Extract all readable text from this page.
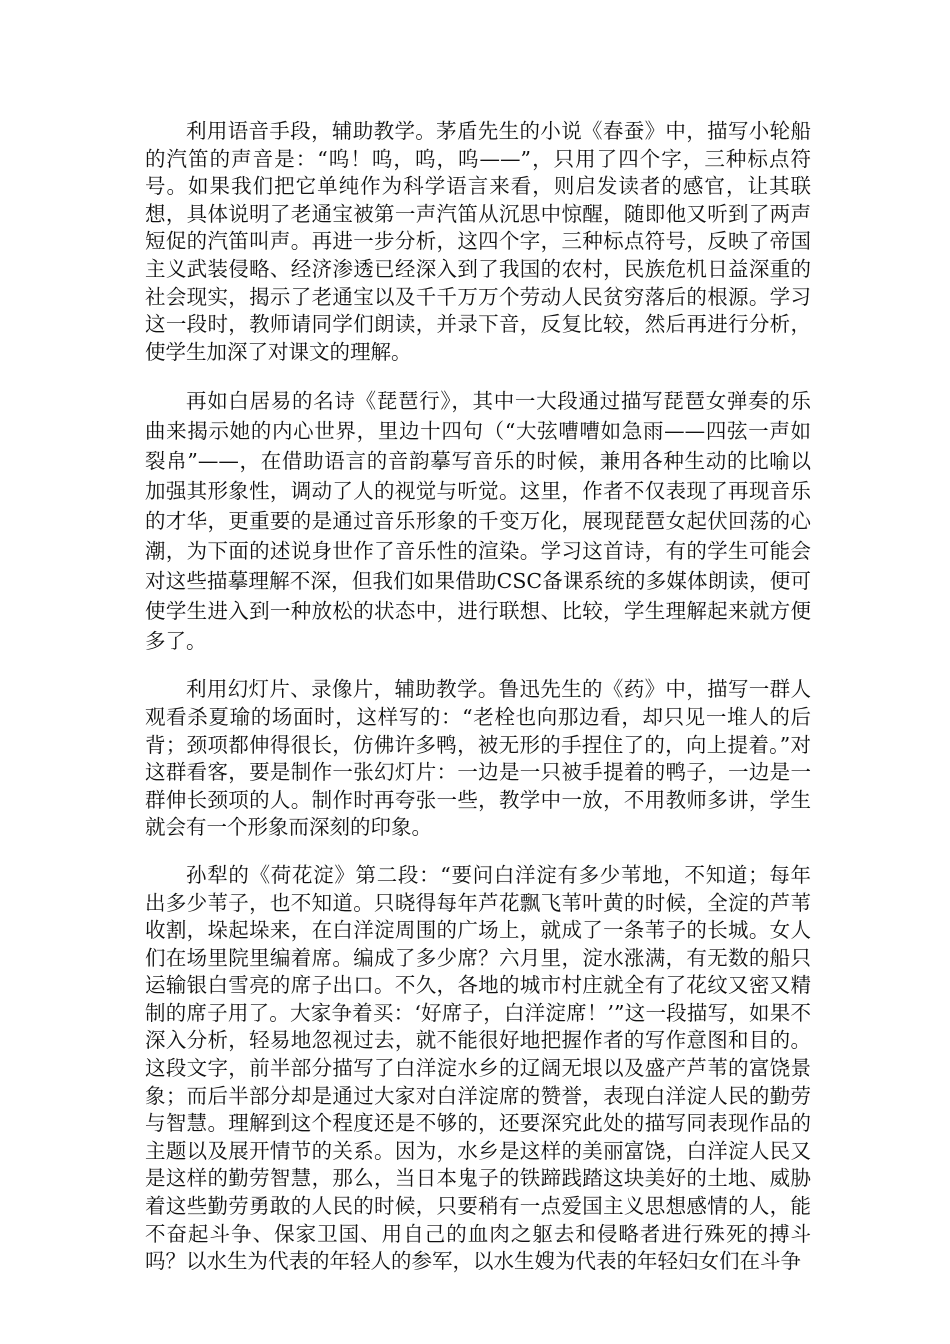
利用语音手段，辅助教学。茅盾先生的小说《春蚕》中，描写小轮船的汽笛的声音是：“呜！呜，呜，呜——”，只用了四个字，三种标点符号。如果我们把它单纯作为科学语言来看，则启发读者的感官，让其联想，具体说明了老通宝被第一声汽笛从沉思中惊醒，随即他又听到了两声短促的汽笛叫声。再进一步分析，这四个字，三种标点符号，反映了帝国主义武装侵略、经济渗透已经深入到了我国的农村，民族危机日益深重的社会现实，揭示了老通宝以及千千万万个劳动人民贫穷落后的根源。学习这一段时，教师请同学们朗读，并录下音，反复比较，然后再进行分析，使学生加深了对课文的理解。

再如白居易的名诗《琵琶行》，其中一大段通过描写琵琶女弹奏的乐曲来揭示她的内心世界，里边十四句（“大弦嘈嘈如急雨——四弦一声如裂帛”——，在借助语言的音韵摹写音乐的时候，兼用各种生动的比喻以加强其形象性，调动了人的视觉与听觉。这里，作者不仅表现了再现音乐的才华，更重要的是通过音乐形象的千变万化，展现琵琶女起伏回荡的心潮，为下面的述说身世作了音乐性的渲染。学习这首诗，有的学生可能会对这些描摹理解不深，但我们如果借助CSC备课系统的多媒体朗读，便可使学生进入到一种放松的状态中，进行联想、比较，学生理解起来就方便多了。

利用幻灯片、录像片，辅助教学。鲁迅先生的《药》中，描写一群人观看杀夏瑜的场面时，这样写的：“老栓也向那边看，却只见一堆人的后背；颈项都伸得很长，仿佛许多鸭，被无形的手捏住了的，向上提着。”对这群看客，要是制作一张幻灯片：一边是一只被手提着的鸭子，一边是一群伸长颈项的人。制作时再夸张一些，教学中一放，不用教师多讲，学生就会有一个形象而深刻的印象。

孙犁的《荷花淀》第二段：“要问白洋淀有多少苇地，不知道；每年出多少苇子，也不知道。只晓得每年芦花飘飞苇叶黄的时候，全淀的芦苇收割，垛起垛来，在白洋淀周围的广场上，就成了一条苇子的长城。女人们在场里院里编着席。编成了多少席？六月里，淀水涨满，有无数的船只运输银白雪亮的席子出口。不久，各地的城市村庄就全有了花纹又密又精制的席子用了。大家争着买：‘好席子，白洋淀席！’”这一段描写，如果不深入分析，轻易地忽视过去，就不能很好地把握作者的写作意图和目的。这段文字，前半部分描写了白洋淀水乡的辽阔无垠以及盛产芦苇的富饶景象；而后半部分却是通过大家对白洋淀席的赞誉，表现白洋淀人民的勤劳与智慧。理解到这个程度还是不够的，还要深究此处的描写同表现作品的主题以及展开情节的关系。因为，水乡是这样的美丽富饶，白洋淀人民又是这样的勤劳智慧，那么，当日本鬼子的铁蹄践踏这块美好的土地、威胁着这些勤劳勇敢的人民的时候，只要稍有一点爱国主义思想感情的人，能不奋起斗争、保家卫国、用自己的血肉之躯去和侵略者进行殊死的搏斗吗？以水生为代表的年轻人的参军，以水生嫂为代表的年轻妇女们在斗争
